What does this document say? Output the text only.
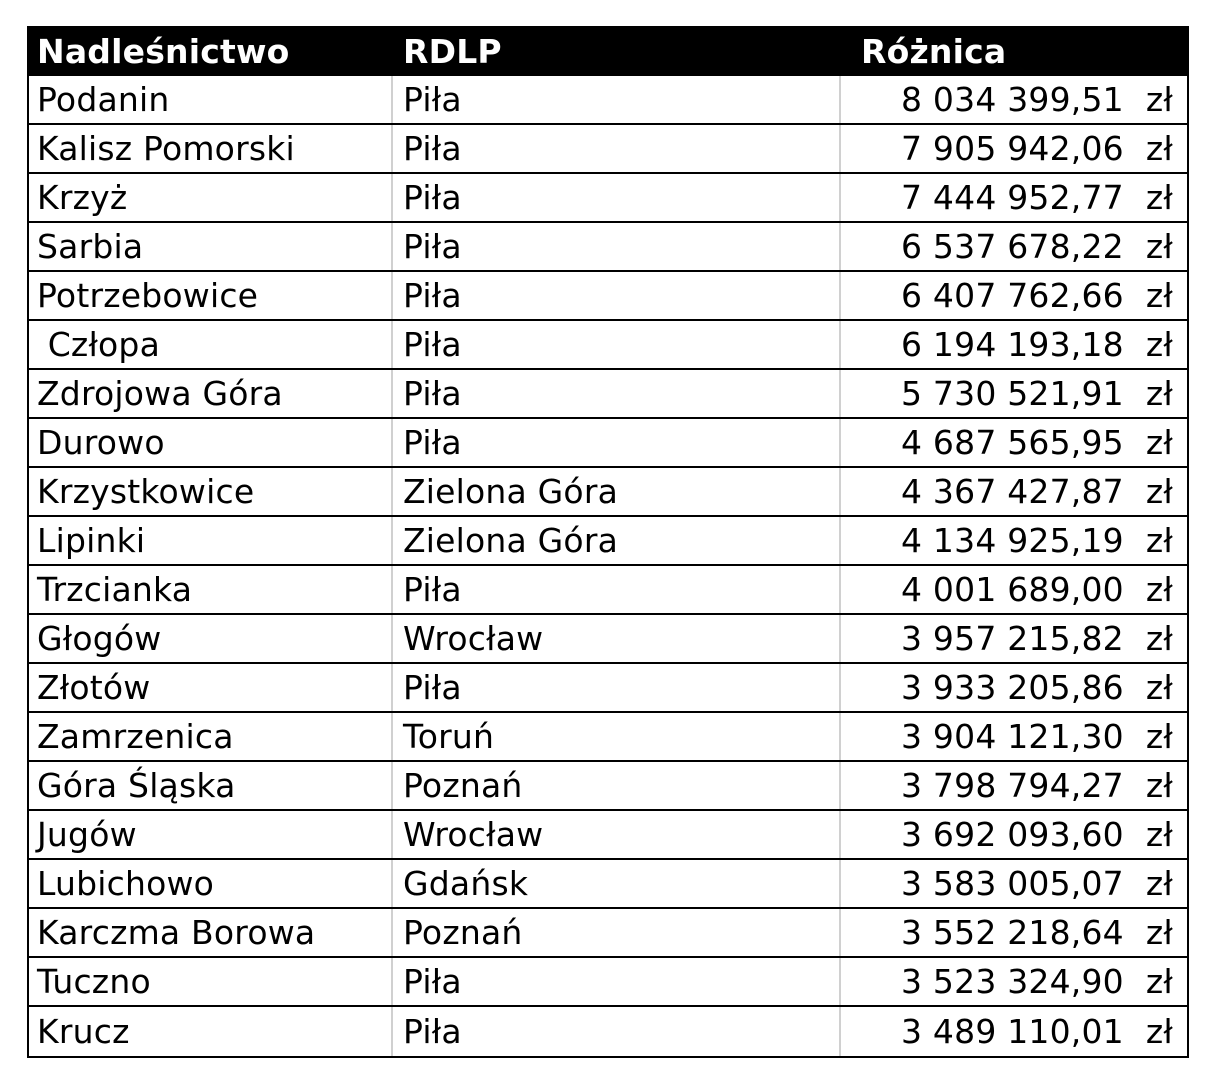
Nadleśnictwo	RDLP	Różnica
Podanin	Piła	8 034 399,51 zł
Kalisz Pomorski	Piła	7 905 942,06 zł
Krzyż	Piła	7 444 952,77 zł
Sarbia	Piła	6 537 678,22 zł
Potrzebowice	Piła	6 407 762,66 zł
Człopa	Piła	6 194 193,18 zł
Zdrojowa Góra	Piła	5 730 521,91 zł
Durowo	Piła	4 687 565,95 zł
Krzystkowice	Zielona Góra	4 367 427,87 zł
Lipinki	Zielona Góra	4 134 925,19 zł
Trzcianka	Piła	4 001 689,00 zł
Głogów	Wrocław	3 957 215,82 zł
Złotów	Piła	3 933 205,86 zł
Zamrzenica	Toruń	3 904 121,30 zł
Góra Śląska	Poznań	3 798 794,27 zł
Jugów	Wrocław	3 692 093,60 zł
Lubichowo	Gdańsk	3 583 005,07 zł
Karczma Borowa	Poznań	3 552 218,64 zł
Tuczno	Piła	3 523 324,90 zł
Krucz	Piła	3 489 110,01 zł
